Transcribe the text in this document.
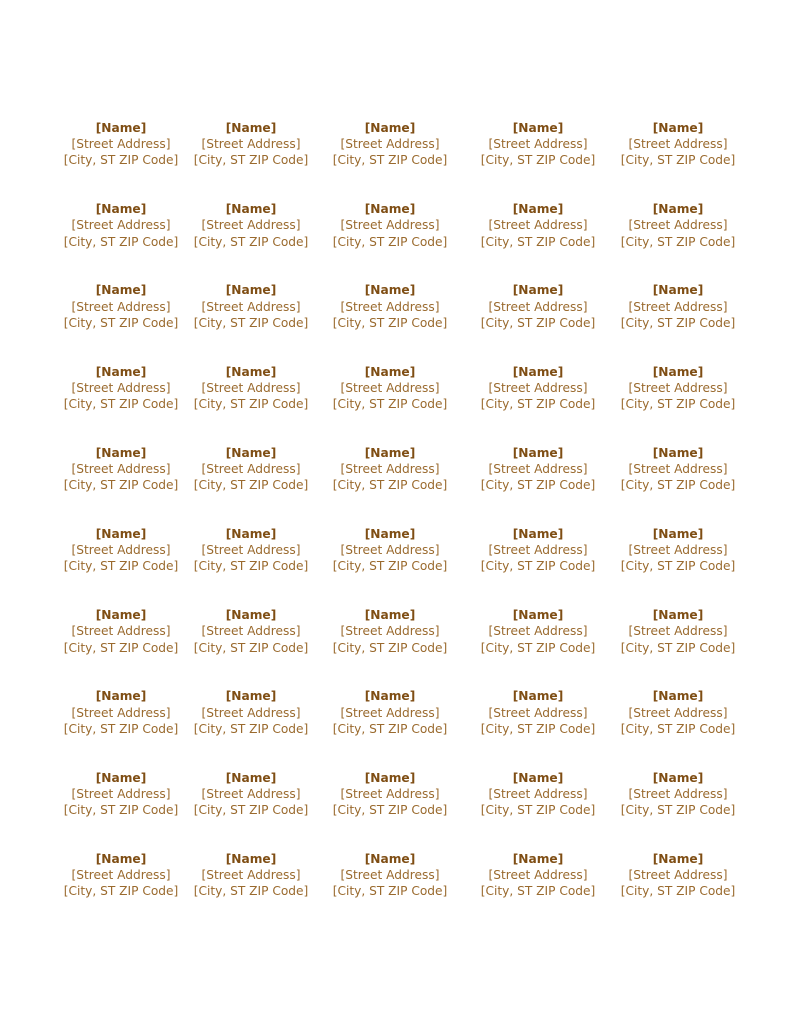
[Name]
[Street Address]
[City, ST ZIP Code]
[Name]
[Street Address]
[City, ST ZIP Code]
[Name]
[Street Address]
[City, ST ZIP Code]
[Name]
[Street Address]
[City, ST ZIP Code]
[Name]
[Street Address]
[City, ST ZIP Code]
[Name]
[Street Address]
[City, ST ZIP Code]
[Name]
[Street Address]
[City, ST ZIP Code]
[Name]
[Street Address]
[City, ST ZIP Code]
[Name]
[Street Address]
[City, ST ZIP Code]
[Name]
[Street Address]
[City, ST ZIP Code]
[Name]
[Street Address]
[City, ST ZIP Code]
[Name]
[Street Address]
[City, ST ZIP Code]
[Name]
[Street Address]
[City, ST ZIP Code]
[Name]
[Street Address]
[City, ST ZIP Code]
[Name]
[Street Address]
[City, ST ZIP Code]
[Name]
[Street Address]
[City, ST ZIP Code]
[Name]
[Street Address]
[City, ST ZIP Code]
[Name]
[Street Address]
[City, ST ZIP Code]
[Name]
[Street Address]
[City, ST ZIP Code]
[Name]
[Street Address]
[City, ST ZIP Code]
[Name]
[Street Address]
[City, ST ZIP Code]
[Name]
[Street Address]
[City, ST ZIP Code]
[Name]
[Street Address]
[City, ST ZIP Code]
[Name]
[Street Address]
[City, ST ZIP Code]
[Name]
[Street Address]
[City, ST ZIP Code]
[Name]
[Street Address]
[City, ST ZIP Code]
[Name]
[Street Address]
[City, ST ZIP Code]
[Name]
[Street Address]
[City, ST ZIP Code]
[Name]
[Street Address]
[City, ST ZIP Code]
[Name]
[Street Address]
[City, ST ZIP Code]
[Name]
[Street Address]
[City, ST ZIP Code]
[Name]
[Street Address]
[City, ST ZIP Code]
[Name]
[Street Address]
[City, ST ZIP Code]
[Name]
[Street Address]
[City, ST ZIP Code]
[Name]
[Street Address]
[City, ST ZIP Code]
[Name]
[Street Address]
[City, ST ZIP Code]
[Name]
[Street Address]
[City, ST ZIP Code]
[Name]
[Street Address]
[City, ST ZIP Code]
[Name]
[Street Address]
[City, ST ZIP Code]
[Name]
[Street Address]
[City, ST ZIP Code]
[Name]
[Street Address]
[City, ST ZIP Code]
[Name]
[Street Address]
[City, ST ZIP Code]
[Name]
[Street Address]
[City, ST ZIP Code]
[Name]
[Street Address]
[City, ST ZIP Code]
[Name]
[Street Address]
[City, ST ZIP Code]
[Name]
[Street Address]
[City, ST ZIP Code]
[Name]
[Street Address]
[City, ST ZIP Code]
[Name]
[Street Address]
[City, ST ZIP Code]
[Name]
[Street Address]
[City, ST ZIP Code]
[Name]
[Street Address]
[City, ST ZIP Code]
